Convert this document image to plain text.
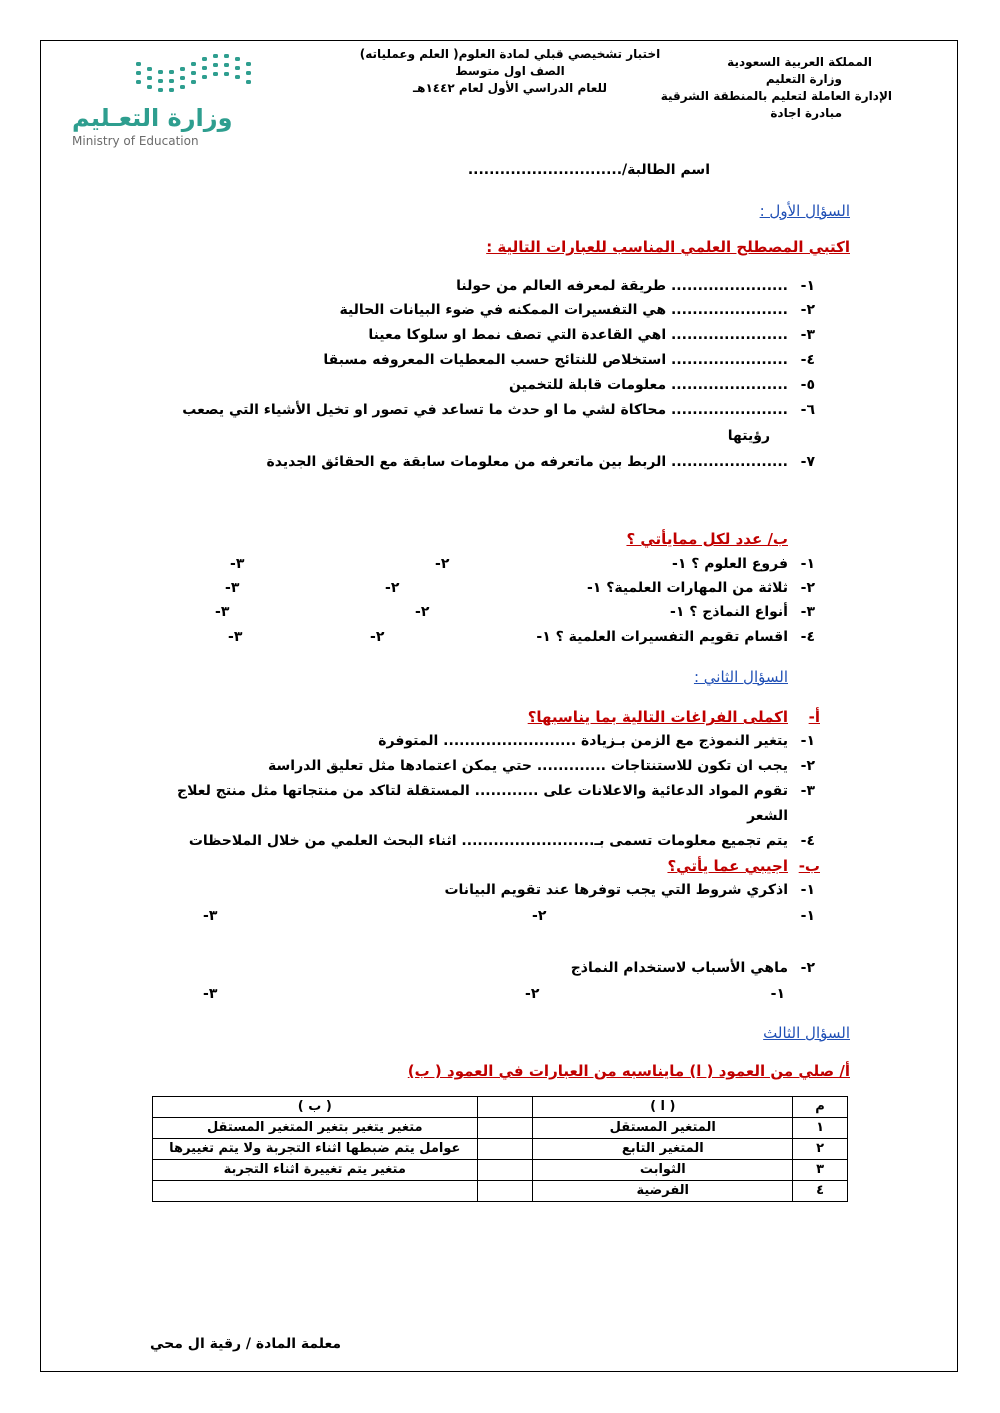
المملكة العربية السعودية
وزارة التعليم
الإدارة العاملة لتعليم بالمنطقة الشرقية
مبادرة اجادة
اختبار تشخيصي قبلي لمادة العلوم( العلم وعملياته)
الصف اول متوسط
للعام الدراسي الأول لعام ١٤٤٢هـ
وزارة التعـليم
Ministry of Education
اسم الطالبة/.............................
السؤال الأول :
اكتبي المصطلح العلمي المناسب للعبارات التالية :
١-
...................... طريقة لمعرفه العالم من حولنا
٢-
...................... هي التفسيرات الممكنه في ضوء البيانات الحالية
٣-
...................... اهي القاعدة التي تصف نمط او سلوكا معينا
٤-
...................... استخلاص للنتائج حسب المعطيات المعروفه مسبقا
٥-
...................... معلومات قابلة للتخمين
٦-
...................... محاكاة لشي ما او حدث ما تساعد في تصور او تخيل الأشياء التي يصعب
رؤيتها
٧-
...................... الربط بين ماتعرفه من معلومات سابقة مع الحقائق الجديدة
ب/ عدد لكل ممايأتي ؟
١-
فروع العلوم ؟ ١-
٢-
٣-
٢-
ثلاثة من المهارات العلمية؟ ١-
٢-
٣-
٣-
أنواع النماذج ؟ ١-
٢-
٣-
٤-
اقسام تقويم التفسيرات العلمية ؟ ١-
٢-
٣-
السؤال الثاني :
أ-
اكملى الفراغات التالية بما يناسبها؟
١-
يتغير النموذج مع الزمن بـزيادة ......................... المتوفرة
٢-
يجب ان تكون للاستنتاجات ............. حتي يمكن اعتمادها مثل تعليق الدراسة
٣-
تقوم المواد الدعائية والاعلانات على ............ المستقلة لتاكد من منتجاتها مثل منتج لعلاج
الشعر
٤-
يتم تجميع معلومات تسمى بـ......................... اثناء البحث العلمي من خلال الملاحظات
ب-
اجيبي عما يأتي؟
١-
اذكري شروط التي يجب توفرها عند تقويم البيانات
١-
٢-
٣-
٢-
ماهي الأسباب لاستخدام النماذج
١-
٢-
٣-
السؤال الثالث
أ/ صلي من العمود ( ا) مايناسبه من العبارات في العمود ( ب)
م	( ا )		( ب )
١	المتغير المستقل		متغير يتغير بتغير المتغير المستقل
٢	المتغير التابع		عوامل يتم ضبطها اثناء التجربة ولا يتم تغييرها
٣	الثوابت		متغير يتم تغييرة اثناء التجربة
٤	الفرضية		
معلمة المادة / رقية ال محي
